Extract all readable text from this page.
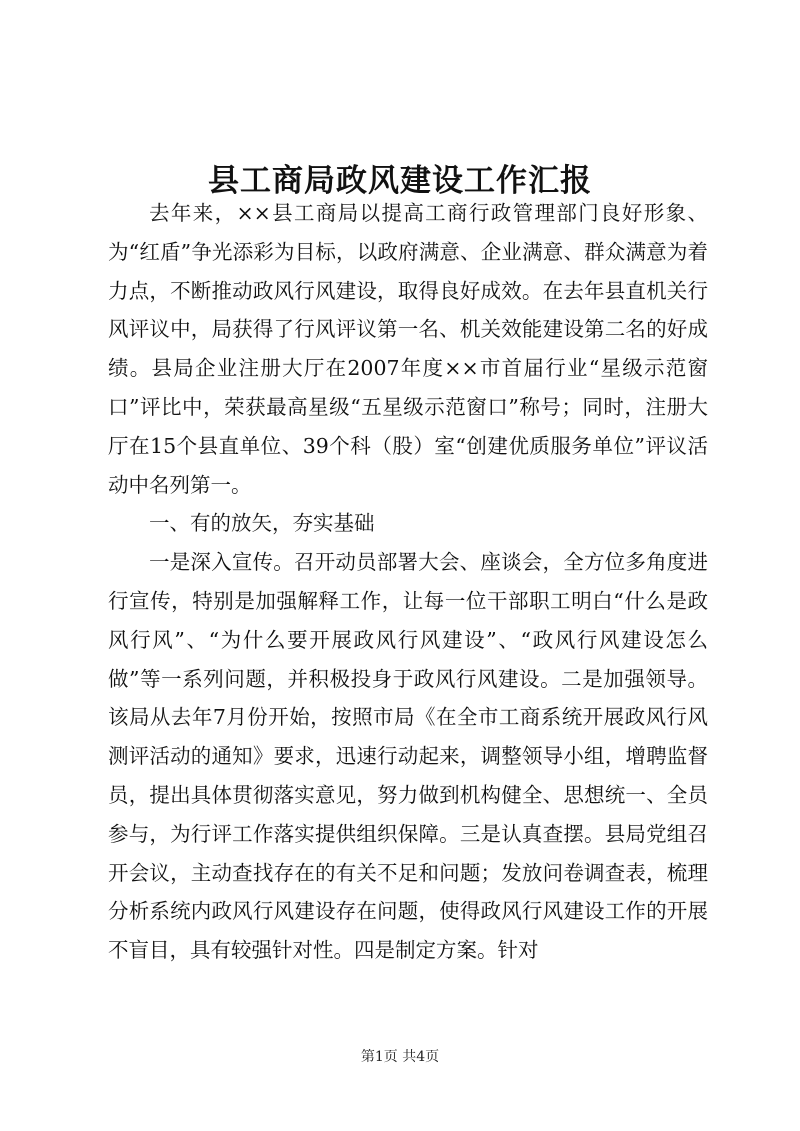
县工商局政风建设工作汇报

去年来，××县工商局以提高工商行政管理部门良好形象、为“红盾”争光添彩为目标，以政府满意、企业满意、群众满意为着力点，不断推动政风行风建设，取得良好成效。在去年县直机关行风评议中，局获得了行风评议第一名、机关效能建设第二名的好成绩。县局企业注册大厅在2007年度××市首届行业“星级示范窗口”评比中，荣获最高星级“五星级示范窗口”称号；同时，注册大厅在15个县直单位、39个科（股）室“创建优质服务单位”评议活动中名列第一。

一、有的放矢，夯实基础

一是深入宣传。召开动员部署大会、座谈会，全方位多角度进行宣传，特别是加强解释工作，让每一位干部职工明白“什么是政风行风”、“为什么要开展政风行风建设”、“政风行风建设怎么做”等一系列问题，并积极投身于政风行风建设。二是加强领导。该局从去年7月份开始，按照市局《在全市工商系统开展政风行风测评活动的通知》要求，迅速行动起来，调整领导小组，增聘监督员，提出具体贯彻落实意见，努力做到机构健全、思想统一、全员参与，为行评工作落实提供组织保障。三是认真查摆。县局党组召开会议，主动查找存在的有关不足和问题；发放问卷调查表，梳理分析系统内政风行风建设存在问题，使得政风行风建设工作的开展不盲目，具有较强针对性。四是制定方案。针对

第1页 共4页
